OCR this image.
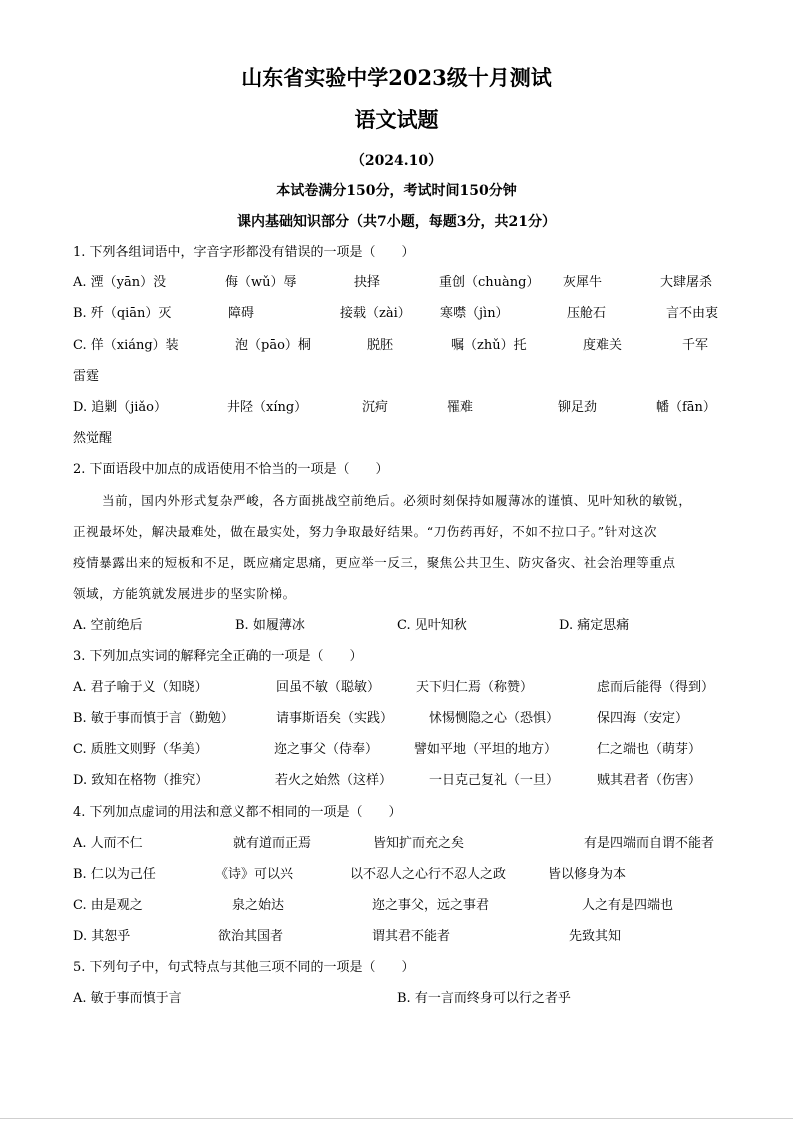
山东省实验中学2023级十月测试
语文试题
（2024.10）
本试卷满分150分，考试时间150分钟
课内基础知识部分（共7小题，每题3分，共21分）
1. 下列各组词语中，字音字形都没有错误的一项是（　　）
A. 湮（yān）没	侮（wǔ）辱	抉择	重创（chuàng） 灰犀牛	大肆屠杀
B. 歼（qiān）灭	障碍	接载（zài） 寒噤（jìn）	压舱石	言不由衷
C. 佯（xiáng）装	泡（pāo）桐	脱胚	嘱（zhǔ）托	度难关	千军
雷霆
D. 追剿（jiǎo）	井陉（xíng）	沉疴	罹难	铆足劲	幡（fān）
然觉醒
2. 下面语段中加点的成语使用不恰当的一项是（　　）
当前，国内外形式复杂严峻，各方面挑战空前绝后。必须时刻保持如履薄冰的谨慎、见叶知秋的敏锐，
正视最坏处，解决最难处，做在最实处，努力争取最好结果。“刀伤药再好，不如不拉口子。”针对这次
疫情暴露出来的短板和不足，既应痛定思痛，更应举一反三，聚焦公共卫生、防灾备灾、社会治理等重点
领域，方能筑就发展进步的坚实阶梯。
A. 空前绝后	B. 如履薄冰	C. 见叶知秋	D. 痛定思痛
3. 下列加点实词的解释完全正确的一项是（　　）
A. 君子喻于义（知晓）	回虽不敏（聪敏）	天下归仁焉（称赞）	虑而后能得（得到）
B. 敏于事而慎于言（勤勉）	请事斯语矣（实践）	怵惕恻隐之心（恐惧）	保四海（安定）
C. 质胜文则野（华美）	迩之事父（侍奉）	譬如平地（平坦的地方）	仁之端也（萌芽）
D. 致知在格物（推究）	若火之始然（这样）	一日克己复礼（一旦）	贼其君者（伤害）
4. 下列加点虚词的用法和意义都不相同的一项是（　　）
A. 人而不仁	就有道而正焉	皆知扩而充之矣	有是四端而自谓不能者
B. 仁以为己任	《诗》可以兴	以不忍人之心行不忍人之政	皆以修身为本
C. 由是观之	泉之始达	迩之事父，远之事君	人之有是四端也
D. 其恕乎	欲治其国者	谓其君不能者	先致其知
5. 下列句子中，句式特点与其他三项不同的一项是（　　）
A. 敏于事而慎于言	B. 有一言而终身可以行之者乎
